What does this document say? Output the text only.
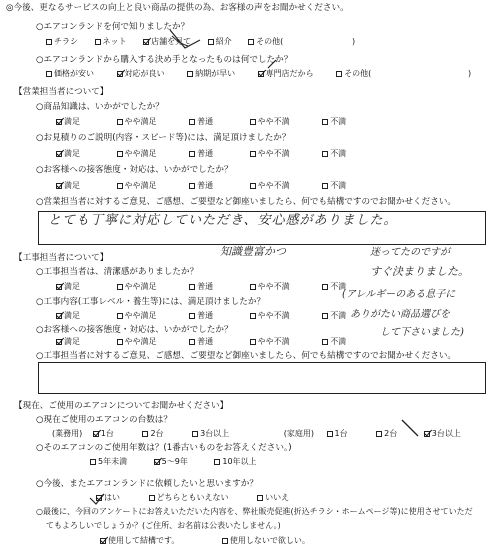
◎今後、更なるサービスの向上と良い商品の提供の為、お客様の声をお聞かせください。
○エアコンランドを何で知りましたか？
チラシ	ネット	店舗を見て	紹介	その他(	)
○エアコンランドから購入する決め手となったものは何でしたか？
価格が安い	対応が良い	納期が早い	専門店だから	その他(	)
【営業担当者について】
○商品知識は、いかがでしたか？
満足	やや満足	普通	やや不満	不満
○お見積りのご説明(内容・スピード等)には、満足頂けましたか？
満足	やや満足	普通	やや不満	不満
○お客様への接客態度・対応は、いかがでしたか？
満足	やや満足	普通	やや不満	不満
○営業担当者に対するご意見、ご感想、ご要望など御座いましたら、何でも結構ですのでお聞かせください。
とても丁寧に対応していただき、安心感がありました。
知識豊富かつ	迷ってたのですが
【工事担当者について】
○工事担当者は、清潔感がありましたか？
満足	やや満足	普通	やや不満	不満
○工事内容(工事レベル・養生等)には、満足頂けましたか？
満足	やや満足	普通	やや不満	不満
○お客様への接客態度・対応は、いかがでしたか？
満足	やや満足	普通	やや不満	不満
○工事担当者に対するご意見、ご感想、ご要望など御座いましたら、何でも結構ですのでお聞かせください。
すぐ決まりました。
(アレルギーのある息子に
ありがたい商品選びを
して下さいました)
【現在、ご使用のエアコンについてお聞かせください】
○現在ご使用のエアコンの台数は？
(業務用) 1台	2台	3台以上	(家庭用)	1台	2台	3台以上
○そのエアコンのご使用年数は？(1番古いものをお答えください。)
5年未満	5～9年	10年以上
○今後、またエアコンランドに依頼したいと思いますか？
はい	どちらともいえない	いいえ
○最後に、今回のアンケートにお答えいただいた内容を、弊社販売促進(折込チラシ・ホームページ等)に使用させていただ
てもよろしいでしょうか？(ご住所、お名前は公表いたしません。)
使用して結構です。	使用しないで欲しい。
